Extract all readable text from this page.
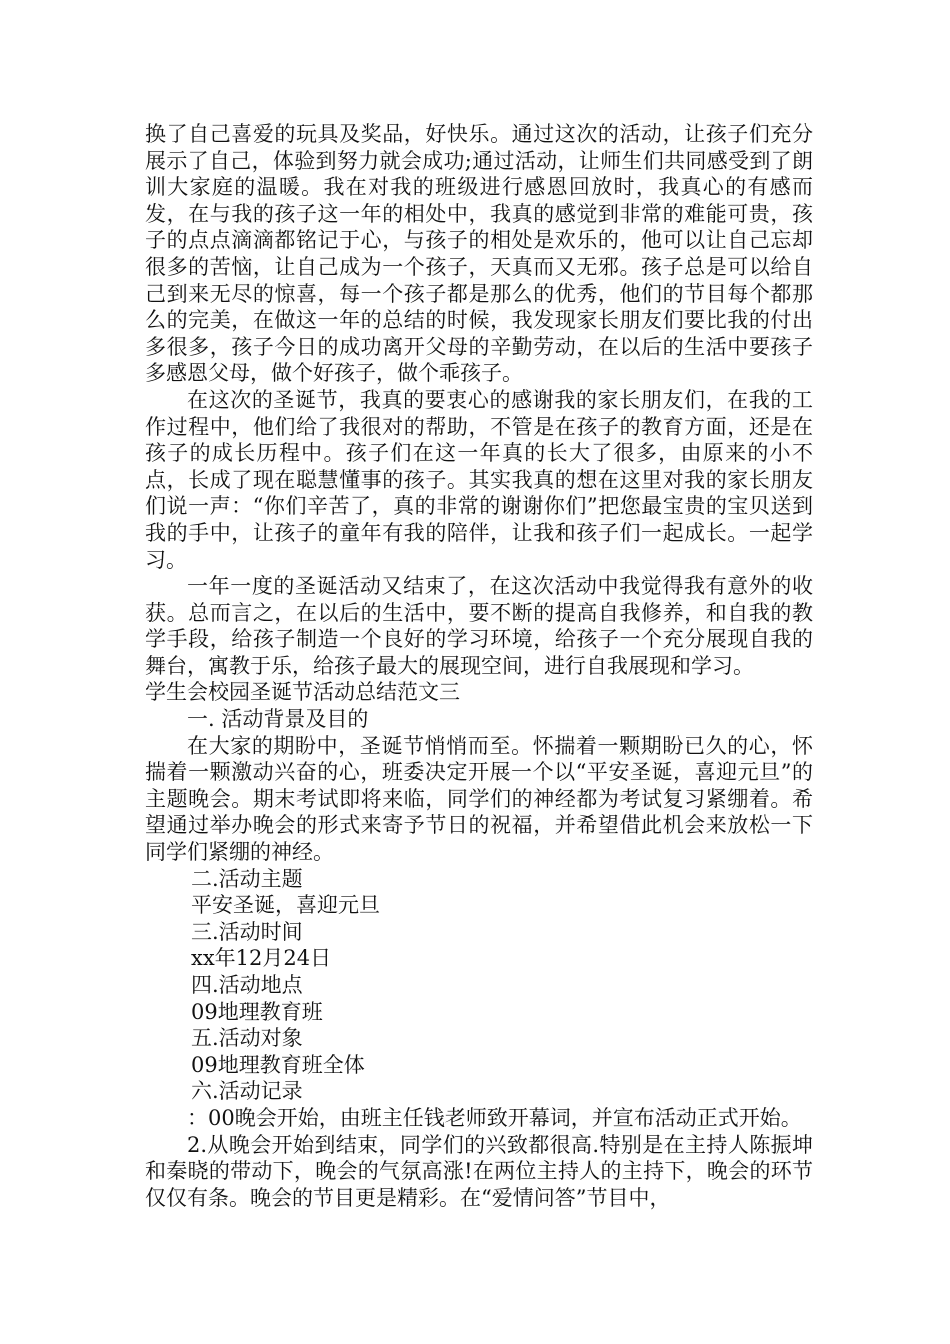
换了自己喜爱的玩具及奖品，好快乐。通过这次的活动，让孩子们充分展示了自己，体验到努力就会成功;通过活动，让师生们共同感受到了朗训大家庭的温暖。我在对我的班级进行感恩回放时，我真心的有感而发，在与我的孩子这一年的相处中，我真的感觉到非常的难能可贵，孩子的点点滴滴都铭记于心，与孩子的相处是欢乐的，他可以让自己忘却很多的苦恼，让自己成为一个孩子，天真而又无邪。孩子总是可以给自己到来无尽的惊喜，每一个孩子都是那么的优秀，他们的节目每个都那么的完美，在做这一年的总结的时候，我发现家长朋友们要比我的付出多很多，孩子今日的成功离开父母的辛勤劳动，在以后的生活中要孩子多感恩父母，做个好孩子，做个乖孩子。

在这次的圣诞节，我真的要衷心的感谢我的家长朋友们，在我的工作过程中，他们给了我很对的帮助，不管是在孩子的教育方面，还是在孩子的成长历程中。孩子们在这一年真的长大了很多，由原来的小不点，长成了现在聪慧懂事的孩子。其实我真的想在这里对我的家长朋友们说一声：“你们辛苦了，真的非常的谢谢你们”把您最宝贵的宝贝送到我的手中，让孩子的童年有我的陪伴，让我和孩子们一起成长。一起学习。

一年一度的圣诞活动又结束了，在这次活动中我觉得我有意外的收获。总而言之，在以后的生活中，要不断的提高自我修养，和自我的教学手段，给孩子制造一个良好的学习环境，给孩子一个充分展现自我的舞台，寓教于乐，给孩子最大的展现空间，进行自我展现和学习。

学生会校园圣诞节活动总结范文三

一. 活动背景及目的

在大家的期盼中，圣诞节悄悄而至。怀揣着一颗期盼已久的心，怀揣着一颗激动兴奋的心，班委决定开展一个以“平安圣诞，喜迎元旦”的主题晚会。期末考试即将来临，同学们的神经都为考试复习紧绷着。希望通过举办晚会的形式来寄予节日的祝福，并希望借此机会来放松一下同学们紧绷的神经。

二.活动主题

平安圣诞，喜迎元旦

三.活动时间

xx年12月24日

四.活动地点

09地理教育班

五.活动对象

09地理教育班全体

六.活动记录

：00晚会开始，由班主任钱老师致开幕词，并宣布活动正式开始。

2.从晚会开始到结束，同学们的兴致都很高.特别是在主持人陈振坤和秦晓的带动下，晚会的气氛高涨!在两位主持人的主持下，晚会的环节仅仅有条。晚会的节目更是精彩。在“爱情问答”节目中，
